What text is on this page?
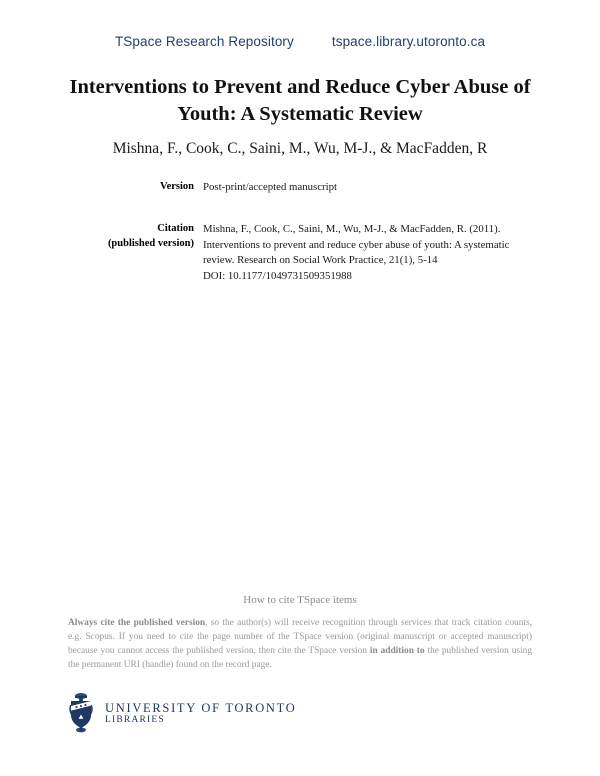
TSpace Research Repository	tspace.library.utoronto.ca
Interventions to Prevent and Reduce Cyber Abuse of Youth: A Systematic Review
Mishna, F., Cook, C., Saini, M., Wu, M-J., & MacFadden, R
Version Post-print/accepted manuscript
Citation
(published version)
Mishna, F., Cook, C., Saini, M., Wu, M-J., & MacFadden, R. (2011).
Interventions to prevent and reduce cyber abuse of youth: A systematic
review. Research on Social Work Practice, 21(1), 5-14
DOI: 10.1177/1049731509351988
How to cite TSpace items
Always cite the published version, so the author(s) will receive recognition through services that track citation counts, e.g. Scopus. If you need to cite the page number of the TSpace version (original manuscript or accepted manuscript) because you cannot access the published version, then cite the TSpace version in addition to the published version using the permanent URI (handle) found on the record page.
UNIVERSITY OF TORONTO
LIBRARIES
